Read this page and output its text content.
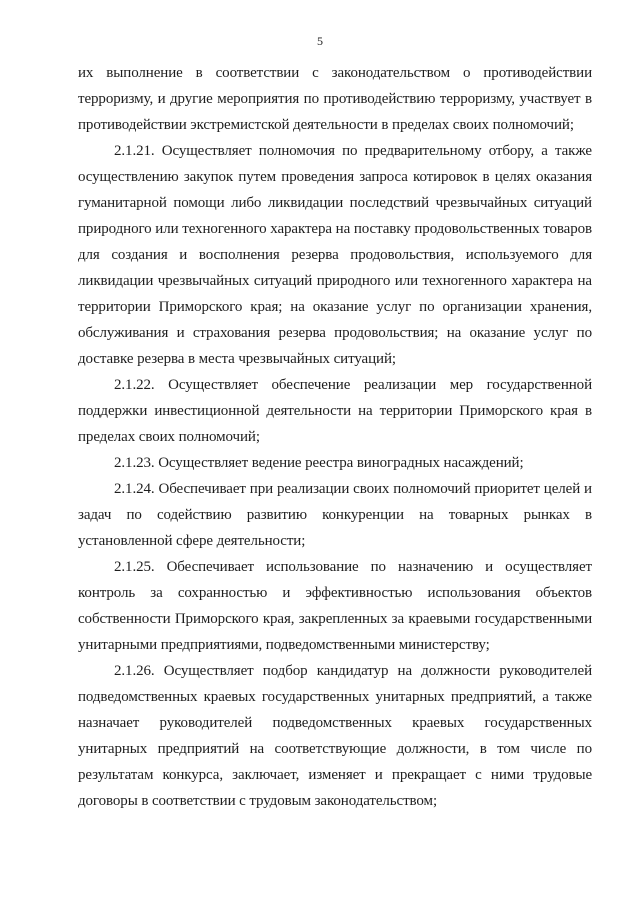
5

их выполнение в соответствии с законодательством о противодействии терроризму, и другие мероприятия по противодействию терроризму, участвует в противодействии экстремистской деятельности в пределах своих полномочий;

2.1.21. Осуществляет полномочия по предварительному отбору, а также осуществлению закупок путем проведения запроса котировок в целях оказания гуманитарной помощи либо ликвидации последствий чрезвычайных ситуаций природного или техногенного характера на поставку продовольственных товаров для создания и восполнения резерва продовольствия, используемого для ликвидации чрезвычайных ситуаций природного или техногенного характера на территории Приморского края; на оказание услуг по организации хранения, обслуживания и страхования резерва продовольствия; на оказание услуг по доставке резерва в места чрезвычайных ситуаций;

2.1.22. Осуществляет обеспечение реализации мер государственной поддержки инвестиционной деятельности на территории Приморского края в пределах своих полномочий;

2.1.23. Осуществляет ведение реестра виноградных насаждений;

2.1.24. Обеспечивает при реализации своих полномочий приоритет целей и задач по содействию развитию конкуренции на товарных рынках в установленной сфере деятельности;

2.1.25. Обеспечивает использование по назначению и осуществляет контроль за сохранностью и эффективностью использования объектов собственности Приморского края, закрепленных за краевыми государственными унитарными предприятиями, подведомственными министерству;

2.1.26. Осуществляет подбор кандидатур на должности руководителей подведомственных краевых государственных унитарных предприятий, а также назначает руководителей подведомственных краевых государственных унитарных предприятий на соответствующие должности, в том числе по результатам конкурса, заключает, изменяет и прекращает с ними трудовые договоры в соответствии с трудовым законодательством;
